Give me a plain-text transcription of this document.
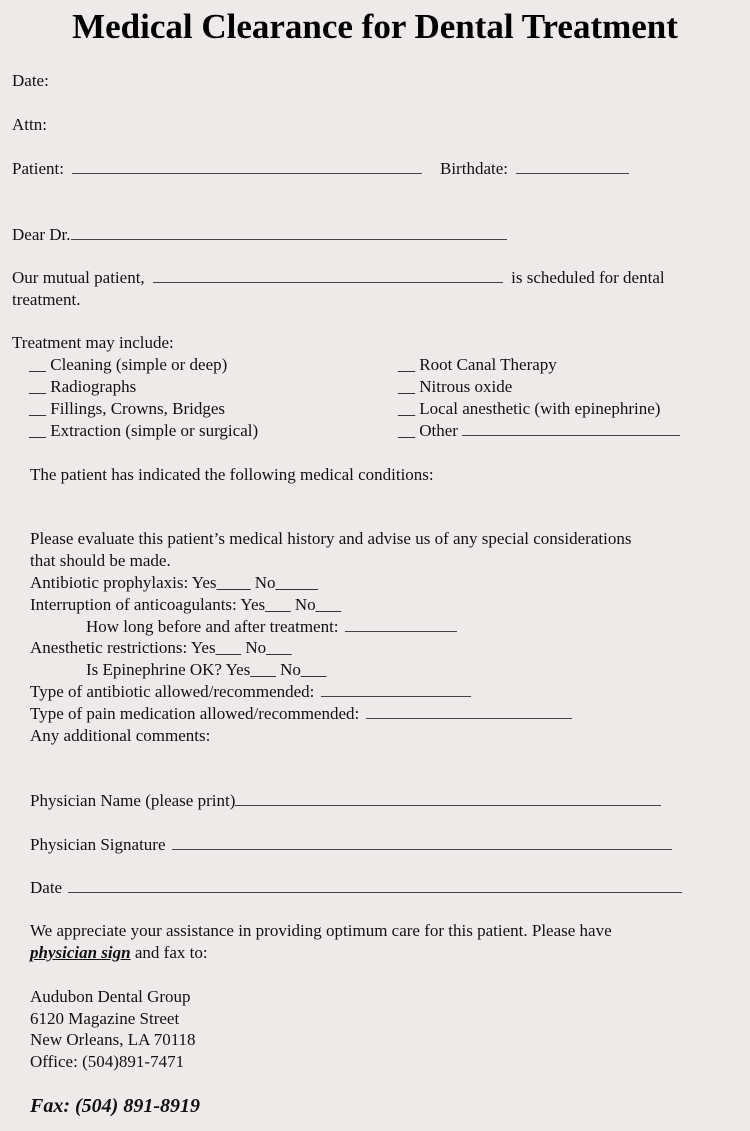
Medical Clearance for Dental Treatment
Date:
Attn:
Patient:	Birthdate:
Dear Dr.
Our mutual patient,	is scheduled for dental
treatment.
Treatment may include:
__ Cleaning (simple or deep)
__ Radiographs
__ Fillings, Crowns, Bridges
__ Extraction (simple or surgical)
__ Root Canal Therapy
__ Nitrous oxide
__ Local anesthetic (with epinephrine)
__ Other
The patient has indicated the following medical conditions:
Please evaluate this patient’s medical history and advise us of any special considerations
that should be made.
Antibiotic prophylaxis: Yes____ No_____
Interruption of anticoagulants: Yes___ No___
How long before and after treatment:
Anesthetic restrictions: Yes___ No___
Is Epinephrine OK? Yes___ No___
Type of antibiotic allowed/recommended:
Type of pain medication allowed/recommended:
Any additional comments:
Physician Name (please print)
Physician Signature
Date
We appreciate your assistance in providing optimum care for this patient. Please have
physician sign and fax to:
Audubon Dental Group
6120 Magazine Street
New Orleans, LA 70118
Office: (504)891-7471
Fax: (504) 891-8919
